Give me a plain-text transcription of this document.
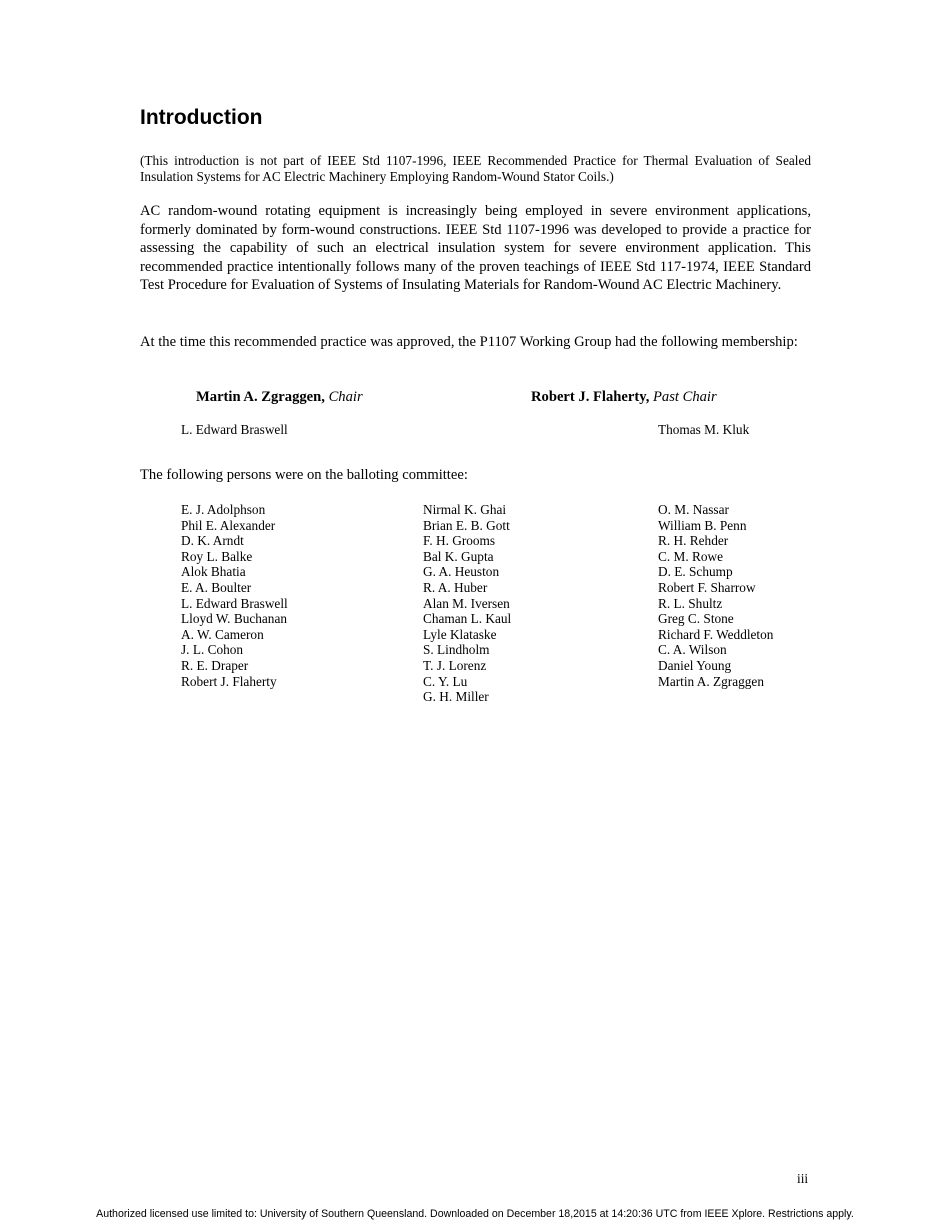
Introduction

(This introduction is not part of IEEE Std 1107-1996, IEEE Recommended Practice for Thermal Evaluation of Sealed Insulation Systems for AC Electric Machinery Employing Random-Wound Stator Coils.)

AC random-wound rotating equipment is increasingly being employed in severe environment applications, formerly dominated by form-wound constructions. IEEE Std 1107-1996 was developed to provide a practice for assessing the capability of such an electrical insulation system for severe environment application. This recommended practice intentionally follows many of the proven teachings of IEEE Std 117-1974, IEEE Standard Test Procedure for Evaluation of Systems of Insulating Materials for Random-Wound AC Electric Machinery.

At the time this recommended practice was approved, the P1107 Working Group had the following membership:

Martin A. Zgraggen, Chair	Robert J. Flaherty, Past Chair
L. Edward Braswell	Thomas M. Kluk

The following persons were on the balloting committee:

E. J. Adolphson
Phil E. Alexander
D. K. Arndt
Roy L. Balke
Alok Bhatia
E. A. Boulter
L. Edward Braswell
Lloyd W. Buchanan
A. W. Cameron
J. L. Cohon
R. E. Draper
Robert J. Flaherty
Nirmal K. Ghai
Brian E. B. Gott
F. H. Grooms
Bal K. Gupta
G. A. Heuston
R. A. Huber
Alan M. Iversen
Chaman L. Kaul
Lyle Klataske
S. Lindholm
T. J. Lorenz
C. Y. Lu
G. H. Miller
O. M. Nassar
William B. Penn
R. H. Rehder
C. M. Rowe
D. E. Schump
Robert F. Sharrow
R. L. Shultz
Greg C. Stone
Richard F. Weddleton
C. A. Wilson
Daniel Young
Martin A. Zgraggen
iii
Authorized licensed use limited to: University of Southern Queensland. Downloaded on December 18,2015 at 14:20:36 UTC from IEEE Xplore. Restrictions apply.
